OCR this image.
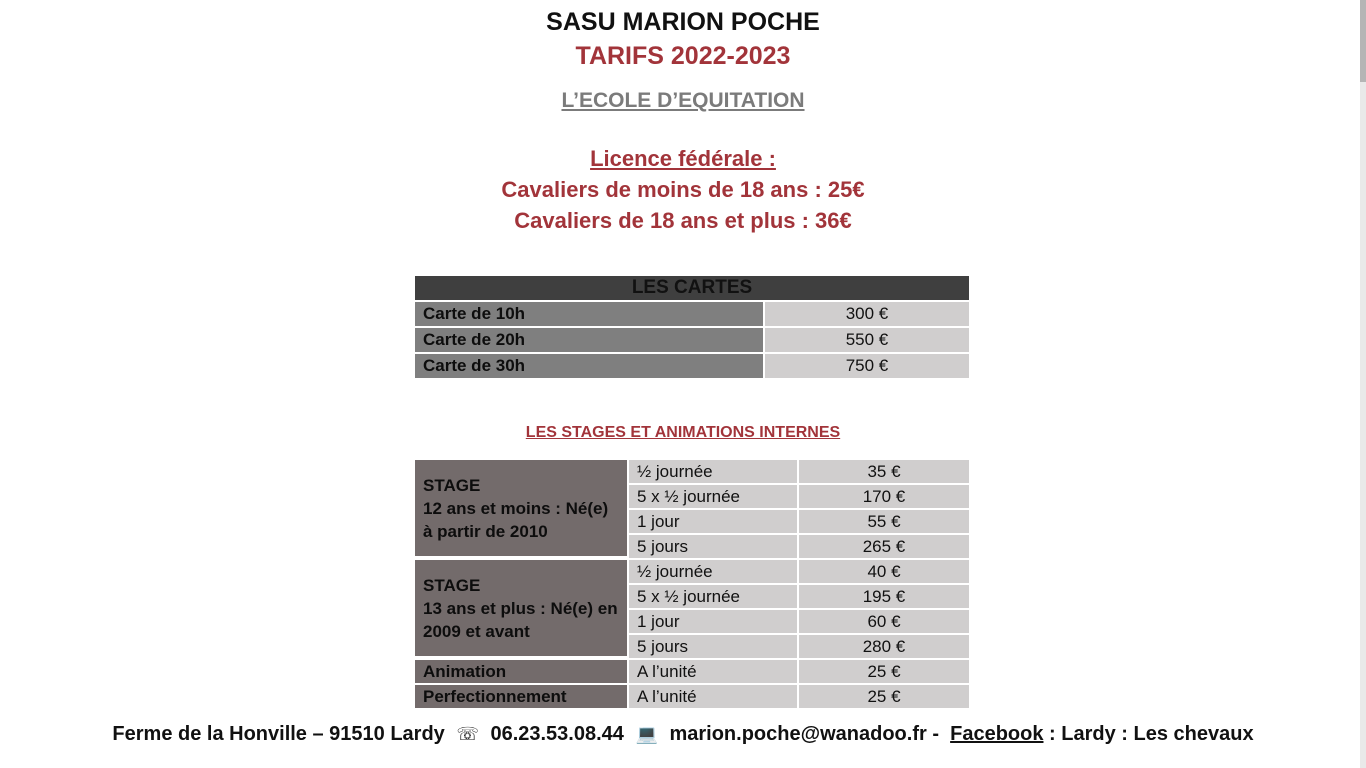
SASU MARION POCHE
TARIFS 2022-2023
L’ECOLE D’EQUITATION
Licence fédérale :
Cavaliers de moins de 18 ans : 25€
Cavaliers de 18 ans et plus : 36€
LES CARTES	
Carte de 10h	300 €
Carte de 20h	550 €
Carte de 30h	750 €
LES STAGES ET ANIMATIONS INTERNES
STAGE
12 ans et moins : Né(e)
à partir de 2010	½ journée	35 €
	5 x ½ journée	170 €
	1 jour	55 €
	5 jours	265 €

STAGE
13 ans et plus : Né(e) en
2009 et avant	½ journée	40 €
	5 x ½ journée	195 €
	1 jour	60 €
	5 jours	280 €
Animation	A l’unité	25 €
Perfectionnement	A l’unité	25 €
Ferme de la Honville – 91510 Lardy ☏ 06.23.53.08.44 💻 marion.poche@wanadoo.fr - Facebook : Lardy : Les chevaux
